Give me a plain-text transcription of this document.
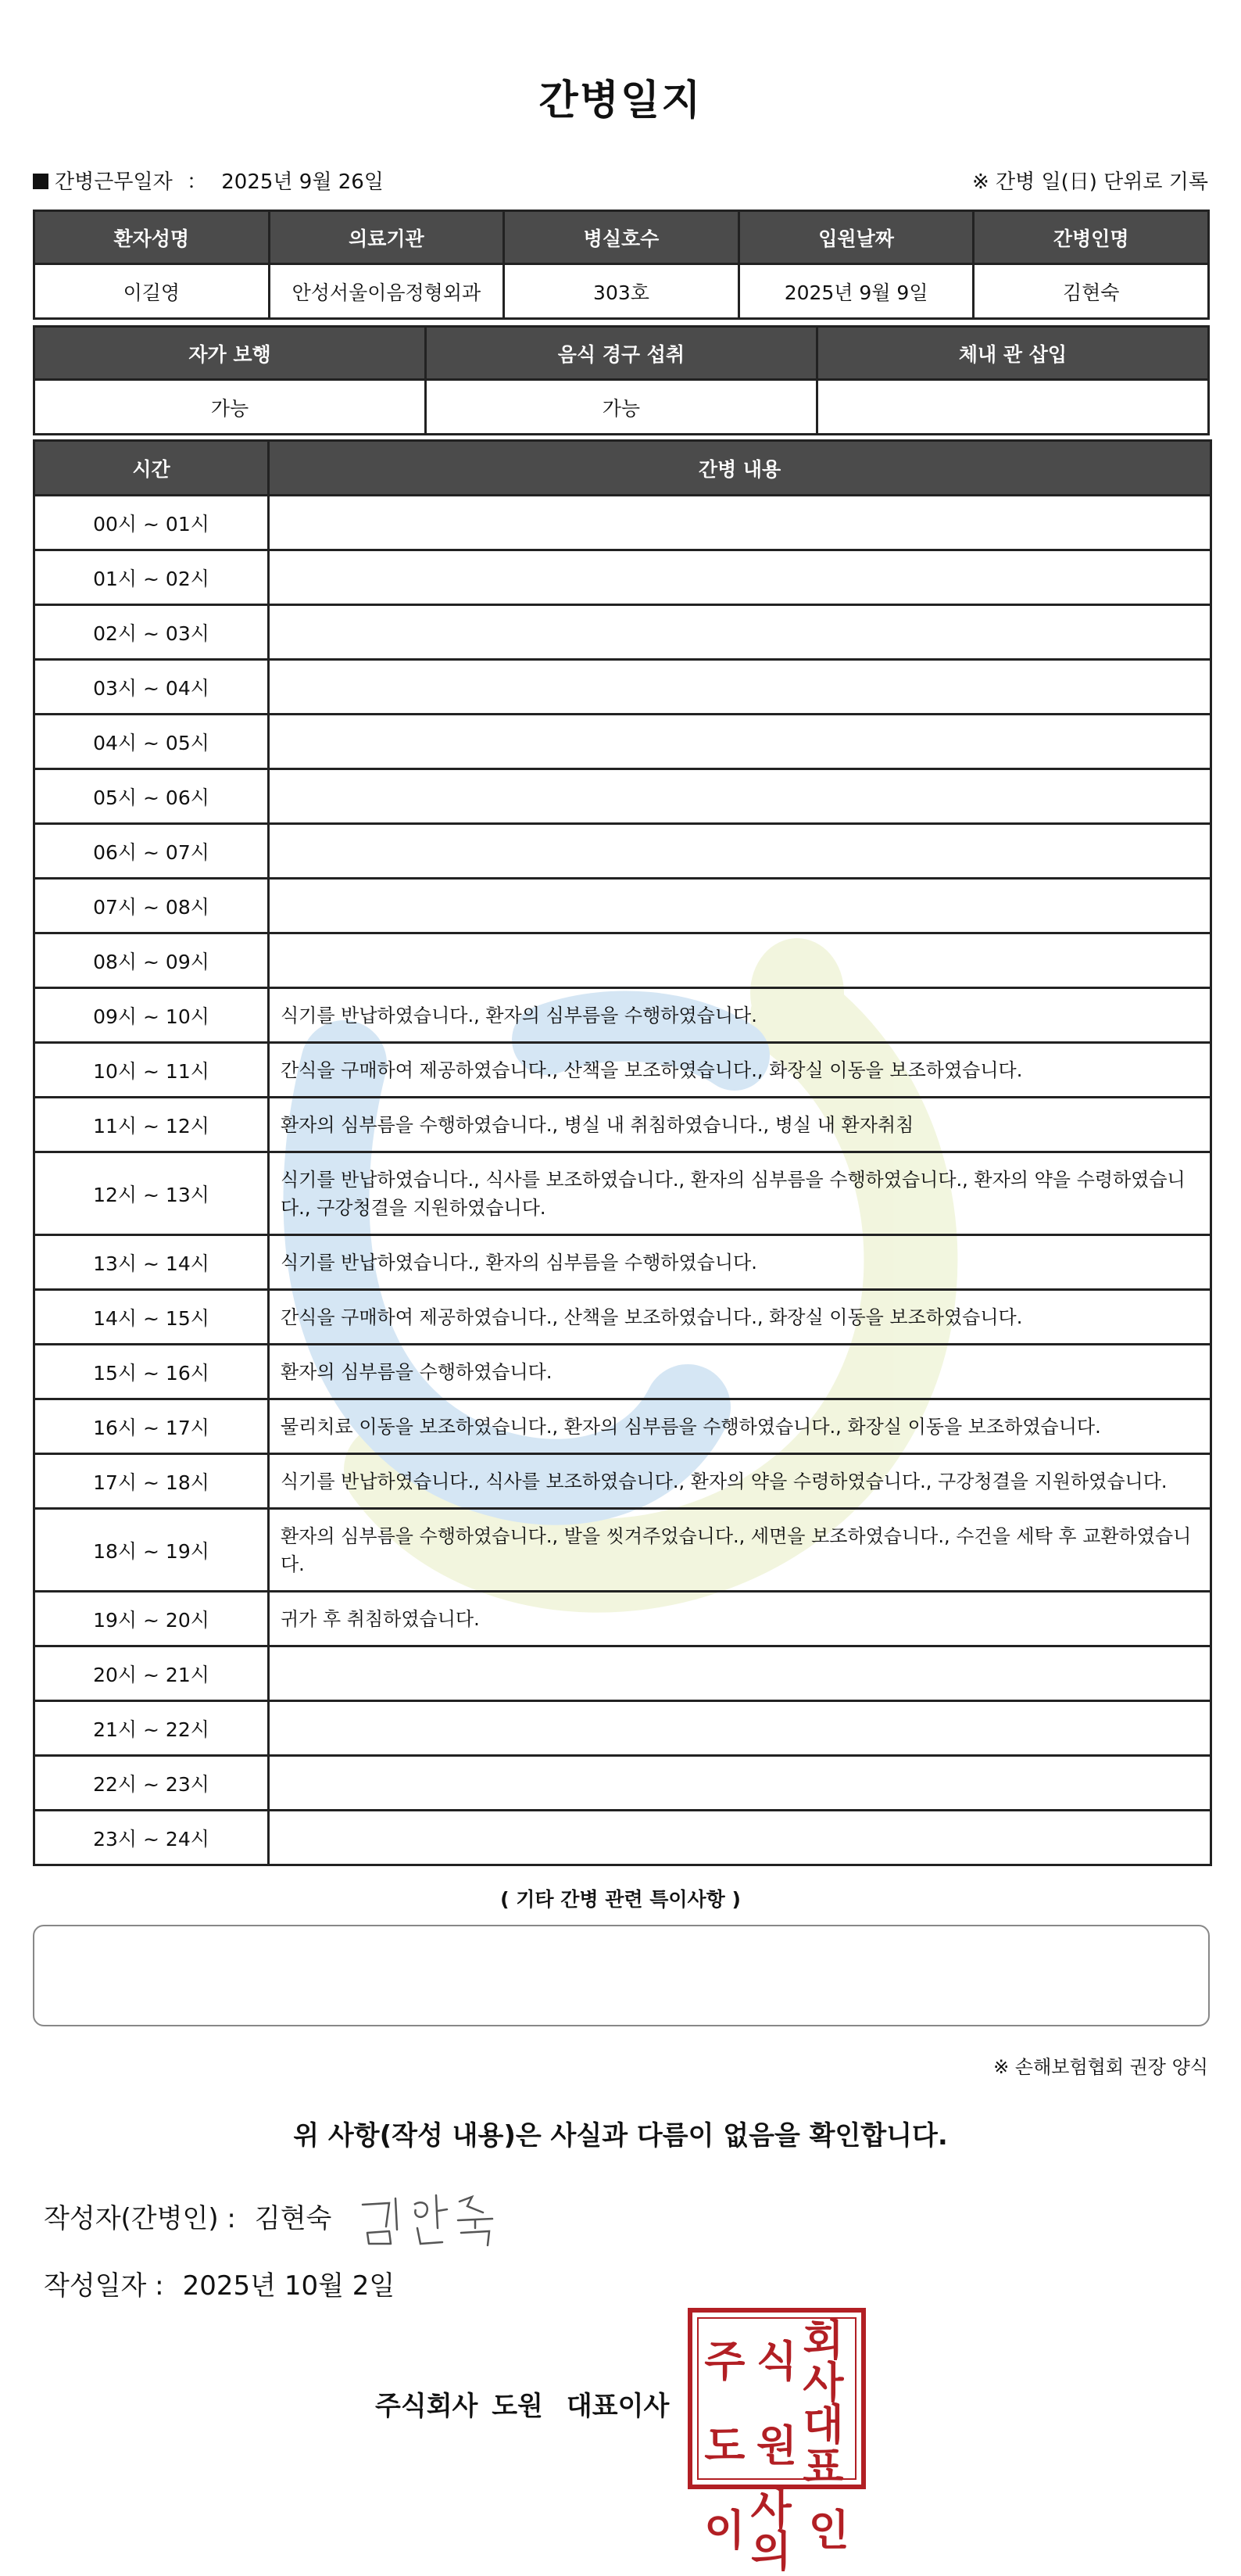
간병일지
간병근무일자 ： 2025년 9월 26일	※ 간병 일(日) 단위로 기록
환자성명	의료기관	병실호수	입원날짜	간병인명
이길영	안성서울이음정형외과	303호	2025년 9월 9일	김현숙
자가 보행	음식 경구 섭취	체내 관 삽입
가능	가능	
시간	간병 내용
00시 ~ 01시	
01시 ~ 02시	
02시 ~ 03시	
03시 ~ 04시	
04시 ~ 05시	
05시 ~ 06시	
06시 ~ 07시	
07시 ~ 08시	
08시 ~ 09시	
09시 ~ 10시	식기를 반납하였습니다., 환자의 심부름을 수행하였습니다.
10시 ~ 11시	간식을 구매하여 제공하였습니다., 산책을 보조하였습니다., 화장실 이동을 보조하였습니다.
11시 ~ 12시	환자의 심부름을 수행하였습니다., 병실 내 취침하였습니다., 병실 내 환자취침
12시 ~ 13시	식기를 반납하였습니다., 식사를 보조하였습니다., 환자의 심부름을 수행하였습니다., 환자의 약을 수령하였습니다., 구강청결을 지원하였습니다.
13시 ~ 14시	식기를 반납하였습니다., 환자의 심부름을 수행하였습니다.
14시 ~ 15시	간식을 구매하여 제공하였습니다., 산책을 보조하였습니다., 화장실 이동을 보조하였습니다.
15시 ~ 16시	환자의 심부름을 수행하였습니다.
16시 ~ 17시	물리치료 이동을 보조하였습니다., 환자의 심부름을 수행하였습니다., 화장실 이동을 보조하였습니다.
17시 ~ 18시	식기를 반납하였습니다., 식사를 보조하였습니다., 환자의 약을 수령하였습니다., 구강청결을 지원하였습니다.
18시 ~ 19시	환자의 심부름을 수행하였습니다., 발을 씻겨주었습니다., 세면을 보조하였습니다., 수건을 세탁 후 교환하였습니다.
19시 ~ 20시	귀가 후 취침하였습니다.
20시 ~ 21시	
21시 ~ 22시	
22시 ~ 23시	
23시 ~ 24시	
( 기타 간병 관련 특이사항 )
※ 손해보험협회 권장 양식
위 사항(작성 내용)은 사실과 다름이 없음을 확인합니다.
작성자(간병인) : 김현숙
작성일자 : 2025년 10월 2일
주식회사 도원 대표이사
주 식 회사
도 원 대표
이 사의 인
